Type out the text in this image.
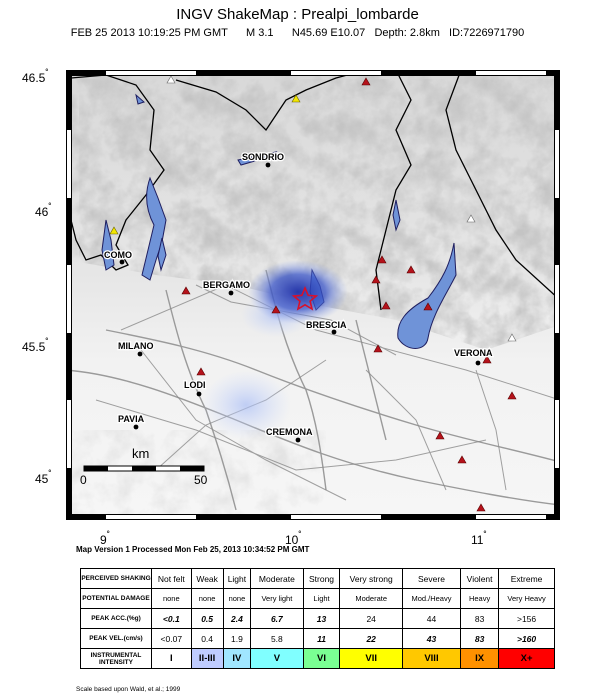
INGV ShakeMap : Prealpi_lombarde
FEB 25 2013 10:19:25 PM GMT M 3.1 N45.69 E10.07 Depth: 2.8km ID:7226971790
46.5˚
46˚
45.5˚
45˚
9˚	10˚	11˚
SONDRIO
COMO
BERGAMO
BRESCIA
MILANO
VERONA
LODI
PAVIA
CREMONA
km
0	50
Map Version 1 Processed Mon Feb 25, 2013 10:34:52 PM GMT
PERCEIVED SHAKING	Not felt	Weak	Light	Moderate	Strong	Very strong	Severe	Violent	Extreme
POTENTIAL DAMAGE	none	none	none	Very light	Light	Moderate	Mod./Heavy	Heavy	Very Heavy
PEAK ACC.(%g)	<0.1	0.5	2.4	6.7	13	24	44	83	>156
PEAK VEL.(cm/s)	<0.07	0.4	1.9	5.8	11	22	43	83	>160
INSTRUMENTAL INTENSITY	I	II-III	IV	V	VI	VII	VIII	IX	X+
Scale based upon Wald, et al.; 1999
